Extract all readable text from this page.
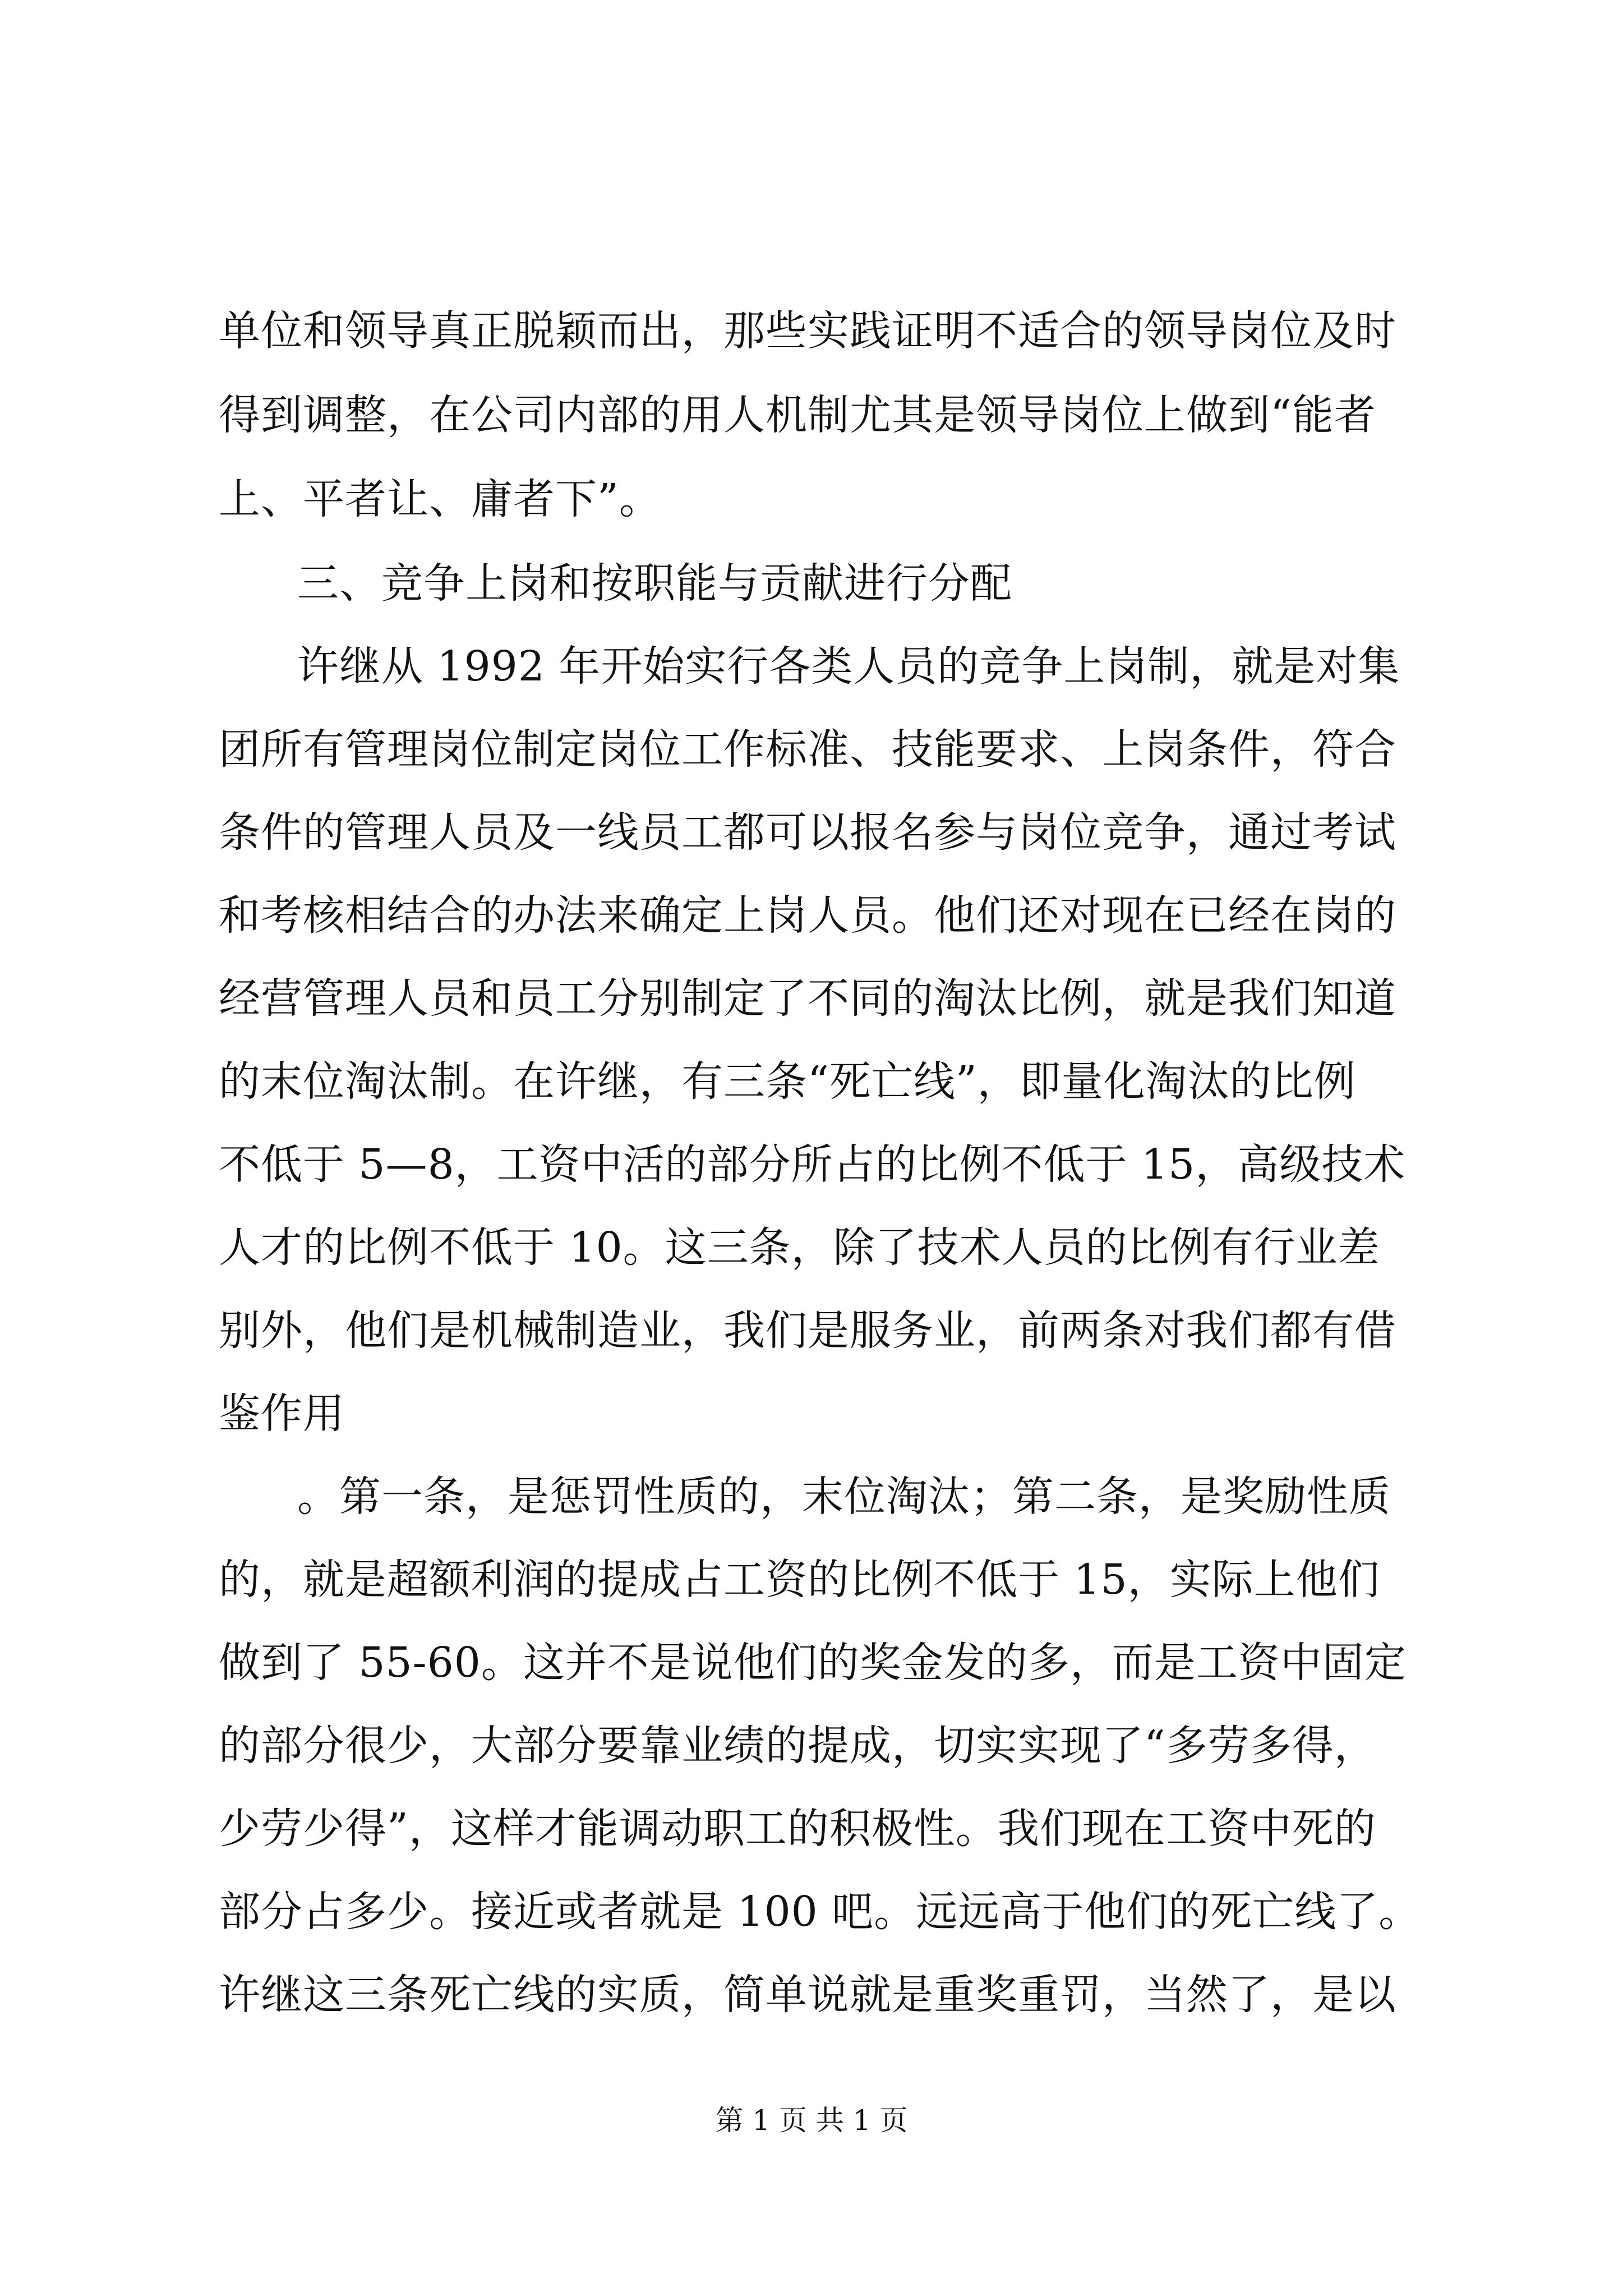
单位和领导真正脱颖而出，那些实践证明不适合的领导岗位及时
得到调整，在公司内部的用人机制尤其是领导岗位上做到“能者
上、平者让、庸者下”。
三、竞争上岗和按职能与贡献进行分配
许继从 1992 年开始实行各类人员的竞争上岗制，就是对集
团所有管理岗位制定岗位工作标准、技能要求、上岗条件，符合
条件的管理人员及一线员工都可以报名参与岗位竞争，通过考试
和考核相结合的办法来确定上岗人员。他们还对现在已经在岗的
经营管理人员和员工分别制定了不同的淘汰比例，就是我们知道
的末位淘汰制。在许继，有三条“死亡线”，即量化淘汰的比例
不低于 5—8，工资中活的部分所占的比例不低于 15，高级技术
人才的比例不低于 10。这三条，除了技术人员的比例有行业差
别外，他们是机械制造业，我们是服务业，前两条对我们都有借
鉴作用
。第一条，是惩罚性质的，末位淘汰；第二条，是奖励性质
的，就是超额利润的提成占工资的比例不低于 15，实际上他们
做到了 55-60。这并不是说他们的奖金发的多，而是工资中固定
的部分很少，大部分要靠业绩的提成，切实实现了“多劳多得，
少劳少得”，这样才能调动职工的积极性。我们现在工资中死的
部分占多少。接近或者就是 100 吧。远远高于他们的死亡线了。
许继这三条死亡线的实质，简单说就是重奖重罚，当然了，是以
第 1 页 共 1 页
